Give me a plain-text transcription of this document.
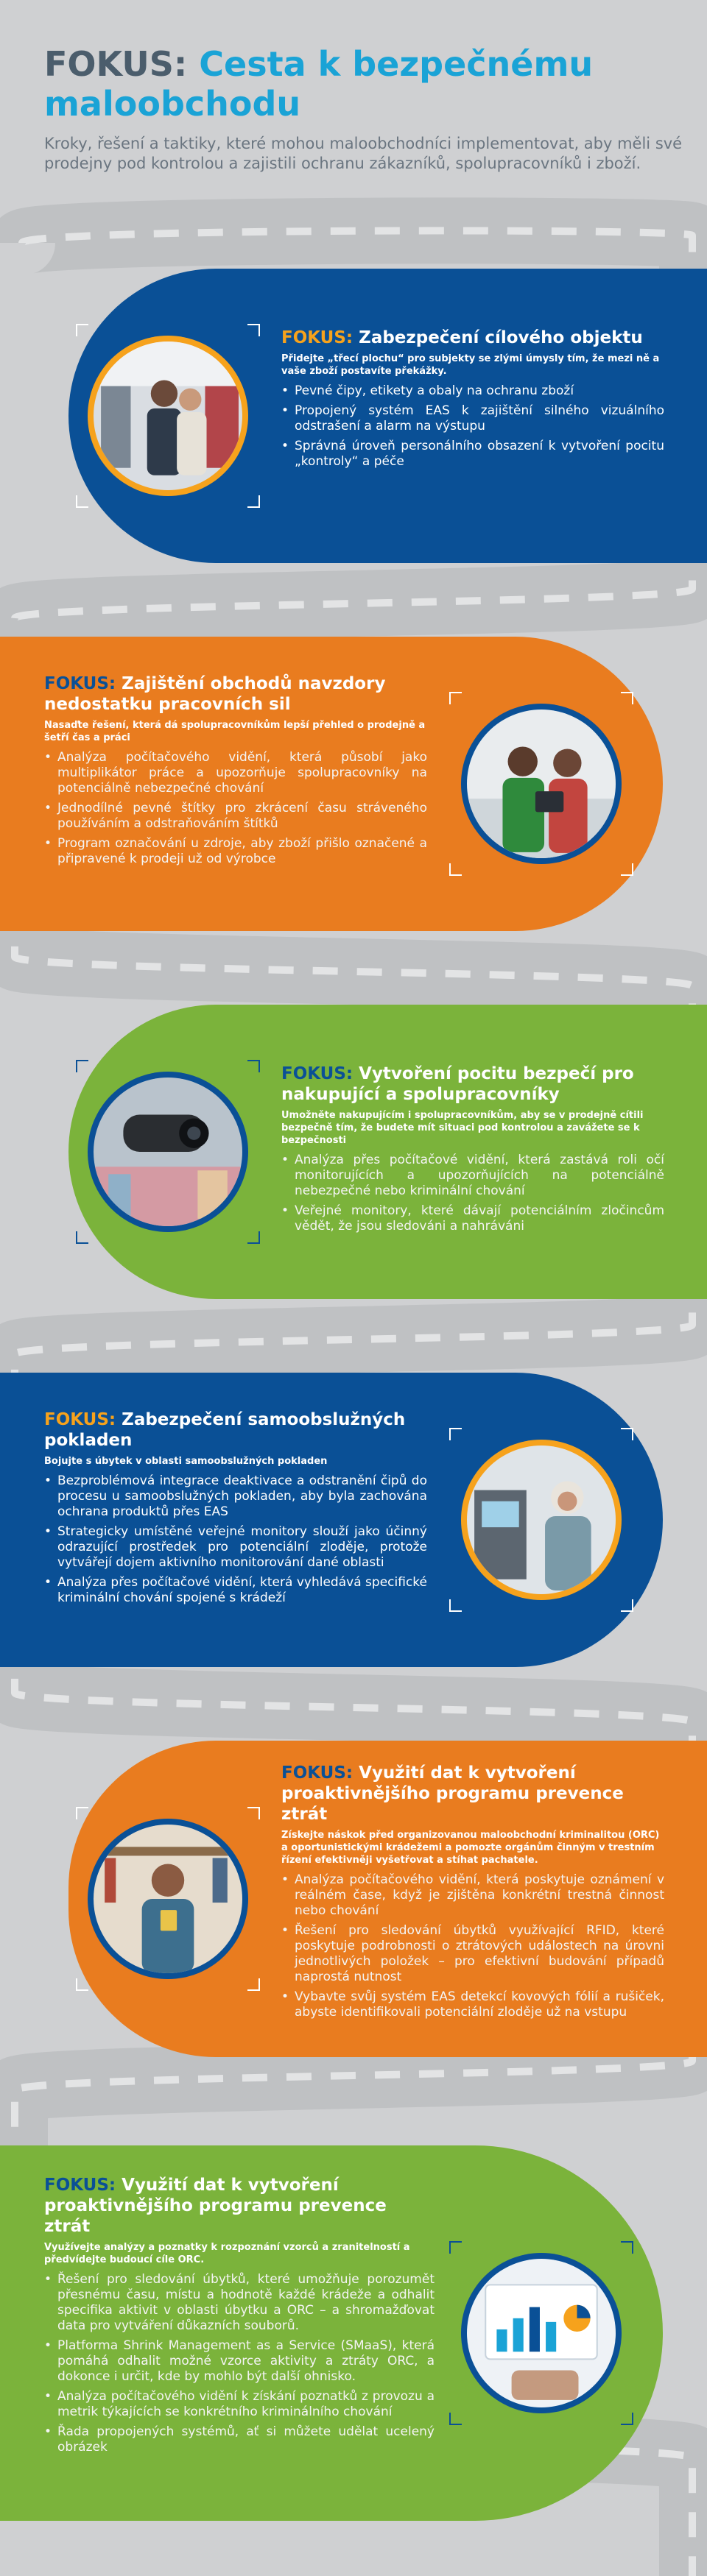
FOKUS: Cesta k bezpečnému maloobchodu

Kroky, řešení a taktiky, které mohou maloobchodníci implementovat, aby měli své prodejny pod kontrolou a zajistili ochranu zákazníků, spolupracovníků i zboží.

FOKUS: Zabezpečení cílového objektu
Přidejte „třecí plochu“ pro subjekty se zlými úmysly tím, že mezi ně a vaše zboží postavíte překážky.
• Pevné čipy, etikety a obaly na ochranu zboží
• Propojený systém EAS k zajištění silného vizuálního odstrašení a alarm na výstupu
• Správná úroveň personálního obsazení k vytvoření pocitu „kontroly“ a péče
FOKUS: Zajištění obchodů navzdory nedostatku pracovních sil
Nasaďte řešení, která dá spolupracovníkům lepší přehled o prodejně a šetří čas a práci
• Analýza počítačového vidění, která působí jako multiplikátor práce a upozorňuje spolupracovníky na potenciálně nebezpečné chování
• Jednodílné pevné štítky pro zkrácení času stráveného používáním a odstraňováním štítků
• Program označování u zdroje, aby zboží přišlo označené a připravené k prodeji už od výrobce
FOKUS: Vytvoření pocitu bezpečí pro nakupující a spolupracovníky
Umožněte nakupujícím i spolupracovníkům, aby se v prodejně cítili bezpečně tím, že budete mít situaci pod kontrolou a zavážete se k bezpečnosti
• Analýza přes počítačové vidění, která zastává roli očí monitorujících a upozorňujících na potenciálně nebezpečné nebo kriminální chování
• Veřejné monitory, které dávají potenciálním zločincům vědět, že jsou sledováni a nahráváni
FOKUS: Zabezpečení samoobslužných pokladen
Bojujte s úbytek v oblasti samoobslužných pokladen
• Bezproblémová integrace deaktivace a odstranění čipů do procesu u samoobslužných pokladen, aby byla zachována ochrana produktů přes EAS
• Strategicky umístěné veřejné monitory slouží jako účinný odrazující prostředek pro potenciální zloděje, protože vytvářejí dojem aktivního monitorování dané oblasti
• Analýza přes počítačové vidění, která vyhledává specifické kriminální chování spojené s krádeží
FOKUS: Využití dat k vytvoření proaktivnějšího programu prevence ztrát
Získejte náskok před organizovanou maloobchodní kriminalitou (ORC) a oportunistickými krádežemi a pomozte orgánům činným v trestním řízení efektivněji vyšetřovat a stíhat pachatele.
• Analýza počítačového vidění, která poskytuje oznámení v reálném čase, když je zjištěna konkrétní trestná činnost nebo chování
• Řešení pro sledování úbytků využívající RFID, které poskytuje podrobnosti o ztrátových událostech na úrovni jednotlivých položek – pro efektivní budování případů naprostá nutnost
• Vybavte svůj systém EAS detekcí kovových fólií a rušiček, abyste identifikovali potenciální zloděje už na vstupu
FOKUS: Využití dat k vytvoření proaktivnějšího programu prevence ztrát
Využívejte analýzy a poznatky k rozpoznání vzorců a zranitelností a předvídejte budoucí cíle ORC.
• Řešení pro sledování úbytků, které umožňuje porozumět přesnému času, místu a hodnotě každé krádeže a odhalit specifika aktivit v oblasti úbytku a ORC – a shromažďovat data pro vytváření důkazních souborů.
• Platforma Shrink Management as a Service (SMaaS), která pomáhá odhalit možné vzorce aktivity a ztráty ORC, a dokonce i určit, kde by mohlo být další ohnisko.
• Analýza počítačového vidění k získání poznatků z provozu a metrik týkajících se konkrétního kriminálního chování
• Řada propojených systémů, ať si můžete udělat ucelený obrázek
